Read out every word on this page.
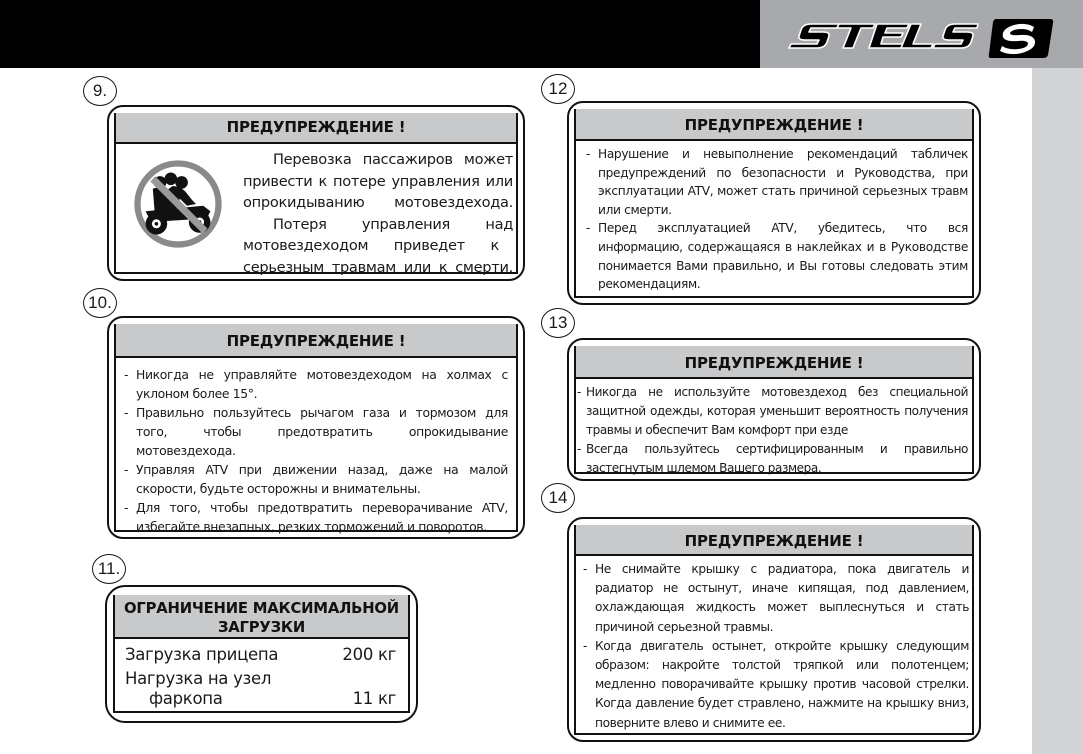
9.
10.
11.
12
13
14
ПРЕДУПРЕЖДЕНИЕ !
Перевозка пассажиров может
привести к потере управления или
опрокидыванию мотовездехода.
Потеря управления над
мотовездеходом приведет к
серьезным травмам или к смерти.
ПРЕДУПРЕЖДЕНИЕ !
- Никогда не управляйте мотовездеходом на холмах с уклоном более 15°.
- Правильно пользуйтесь рычагом газа и тормозом для того, чтобы предотвратить опрокидывание мотовездехода.
- Управляя ATV при движении назад, даже на малой скорости, будьте осторожны и внимательны.
- Для того, чтобы предотвратить переворачивание ATV, избегайте внезапных, резких торможений и поворотов.
ОГРАНИЧЕНИЕ МАКСИМАЛЬНОЙ
ЗАГРУЗКИ
Загрузка прицепа	200 кг
Нагрузка на узел
фаркопа	11 кг
ПРЕДУПРЕЖДЕНИЕ !
- Нарушение и невыполнение рекомендаций табличек предупреждений по безопасности и Руководства, при эксплуатации ATV, может стать причиной серьезных травм или смерти.
- Перед эксплуатацией ATV, убедитесь, что вся информацию, содержащаяся в наклейках и в Руководстве понимается Вами правильно, и Вы готовы следовать этим рекомендациям.
ПРЕДУПРЕЖДЕНИЕ !
- Никогда не используйте мотовездеход без специальной защитной одежды, которая уменьшит вероятность получения травмы и обеспечит Вам комфорт при езде
- Всегда пользуйтесь сертифицированным и правильно застегнутым шлемом Вашего размера.
ПРЕДУПРЕЖДЕНИЕ !
- Не снимайте крышку с радиатора, пока двигатель и радиатор не остынут, иначе кипящая, под давлением, охлаждающая жидкость может выплеснуться и стать причиной серьезной травмы.
- Когда двигатель остынет, откройте крышку следующим образом: накройте толстой тряпкой или полотенцем; медленно поворачивайте крышку против часовой стрелки. Когда давление будет стравлено, нажмите на крышку вниз, поверните влево и снимите ее.
